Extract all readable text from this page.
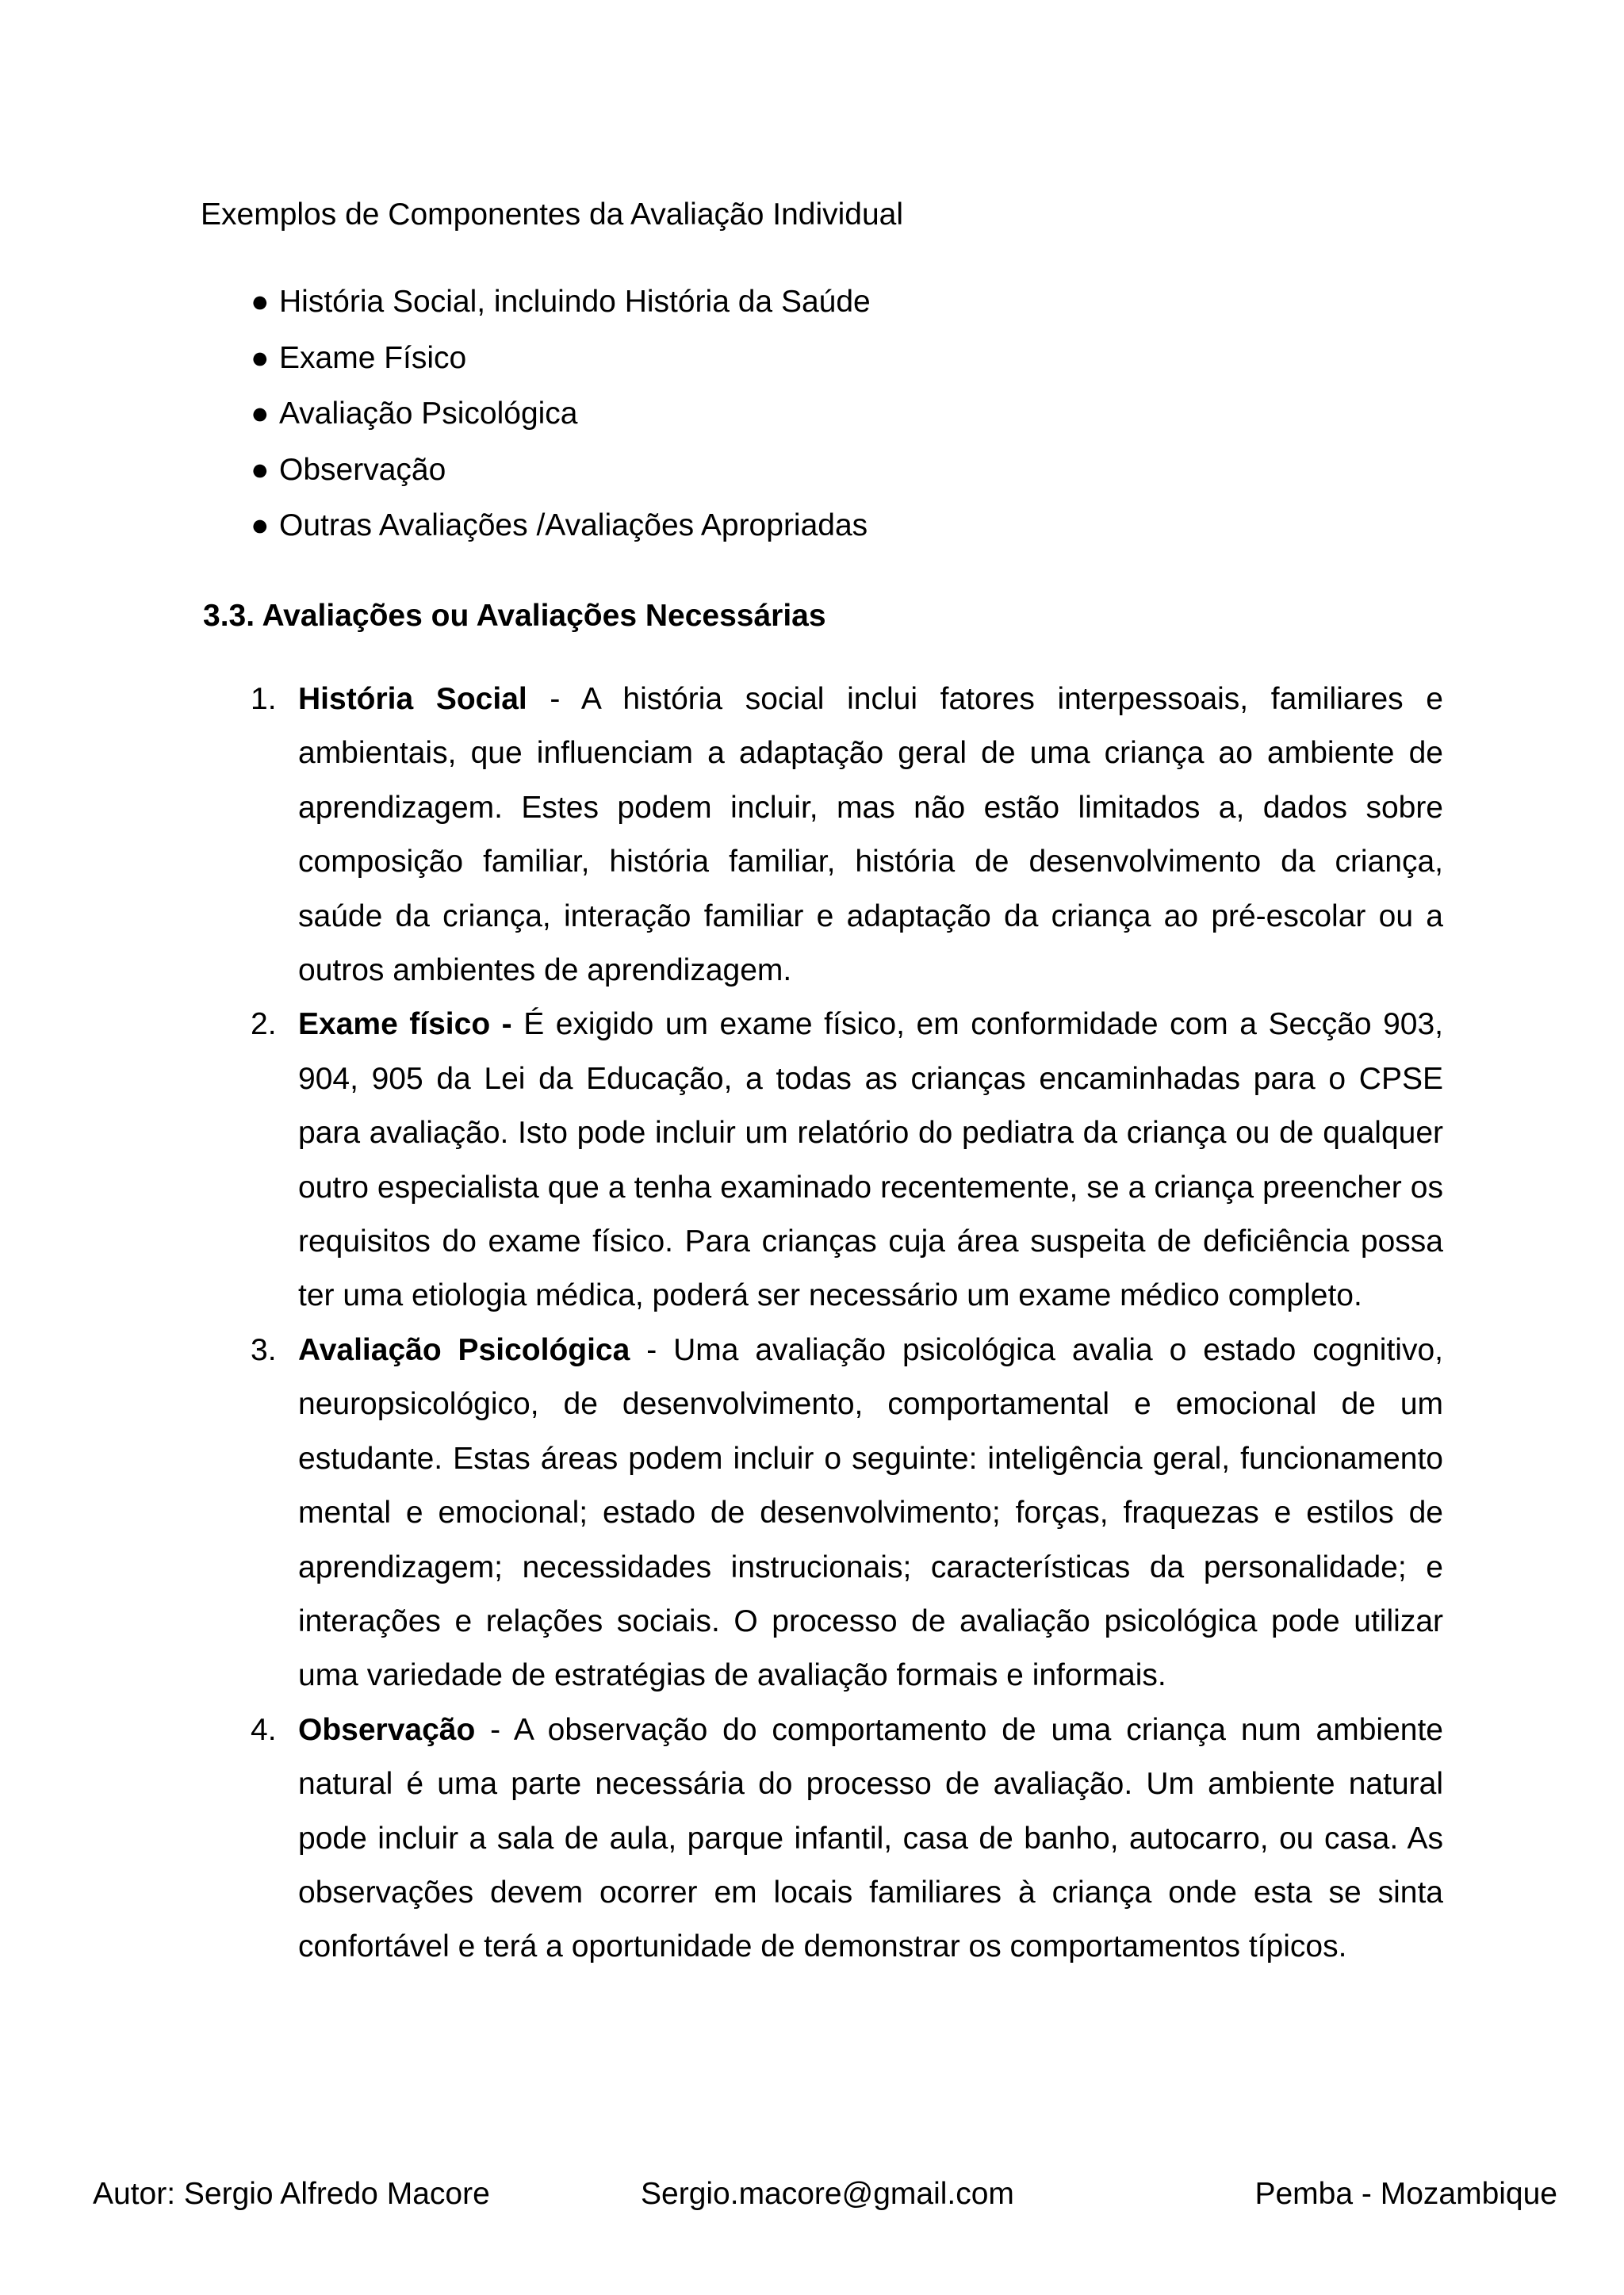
Exemplos de Componentes da Avaliação Individual
● História Social, incluindo História da Saúde
● Exame Físico
● Avaliação Psicológica
● Observação
● Outras Avaliações /Avaliações Apropriadas
3.3. Avaliações ou Avaliações Necessárias
1. História Social - A história social inclui fatores interpessoais, familiares e ambientais, que influenciam a adaptação geral de uma criança ao ambiente de aprendizagem. Estes podem incluir, mas não estão limitados a, dados sobre composição familiar, história familiar, história de desenvolvimento da criança, saúde da criança, interação familiar e adaptação da criança ao pré-escolar ou a outros ambientes de aprendizagem.
2. Exame físico - É exigido um exame físico, em conformidade com a Secção 903, 904, 905 da Lei da Educação, a todas as crianças encaminhadas para o CPSE para avaliação. Isto pode incluir um relatório do pediatra da criança ou de qualquer outro especialista que a tenha examinado recentemente, se a criança preencher os requisitos do exame físico. Para crianças cuja área suspeita de deficiência possa ter uma etiologia médica, poderá ser necessário um exame médico completo.
3. Avaliação Psicológica - Uma avaliação psicológica avalia o estado cognitivo, neuropsicológico, de desenvolvimento, comportamental e emocional de um estudante. Estas áreas podem incluir o seguinte: inteligência geral, funcionamento mental e emocional; estado de desenvolvimento; forças, fraquezas e estilos de aprendizagem; necessidades instrucionais; características da personalidade; e interações e relações sociais. O processo de avaliação psicológica pode utilizar uma variedade de estratégias de avaliação formais e informais.
4. Observação - A observação do comportamento de uma criança num ambiente natural é uma parte necessária do processo de avaliação. Um ambiente natural pode incluir a sala de aula, parque infantil, casa de banho, autocarro, ou casa. As observações devem ocorrer em locais familiares à criança onde esta se sinta confortável e terá a oportunidade de demonstrar os comportamentos típicos.
Autor: Sergio Alfredo Macore	Sergio.macore@gmail.com	Pemba - Mozambique
